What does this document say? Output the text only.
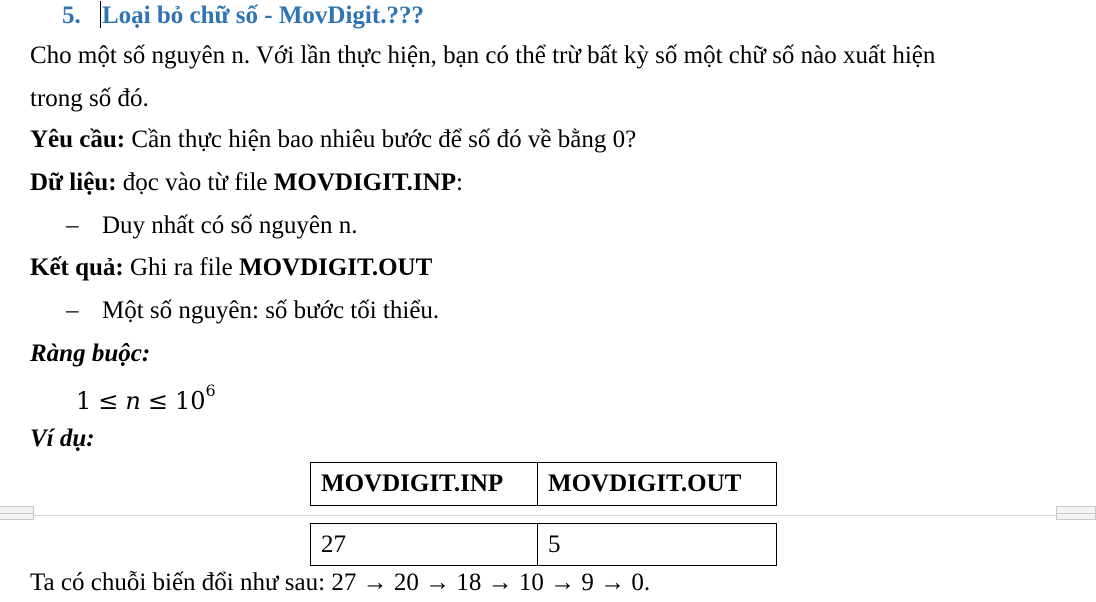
5. Loại bỏ chữ số - MovDigit.???
Cho một số nguyên n. Với lần thực hiện, bạn có thể trừ bất kỳ số một chữ số nào xuất hiện
trong số đó.
Yêu cầu: Cần thực hiện bao nhiêu bước để số đó về bằng 0?
Dữ liệu: đọc vào từ file MOVDIGIT.INP:
– Duy nhất có số nguyên n.
Kết quả: Ghi ra file MOVDIGIT.OUT
– Một số nguyên: số bước tối thiểu.
Ràng buộc:
$1 \le n \le 10^6$
Ví dụ:
MOVDIGIT.INP	MOVDIGIT.OUT
27	5
Ta có chuỗi biến đổi như sau: 27 → 20 → 18 → 10 → 9 → 0.
